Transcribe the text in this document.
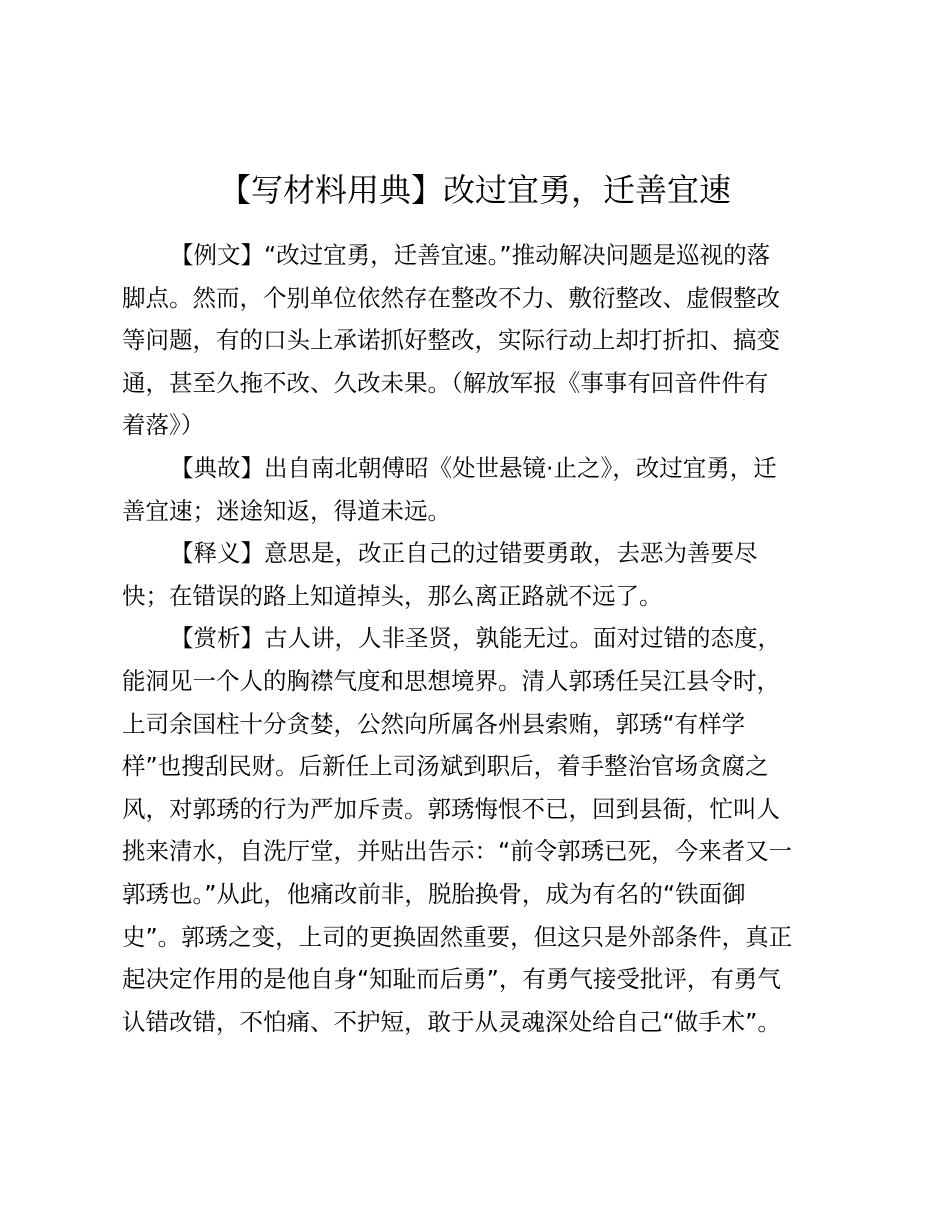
【写材料用典】改过宜勇，迁善宜速
【例文】“改过宜勇，迁善宜速。”推动解决问题是巡视的落
脚点。然而，个别单位依然存在整改不力、敷衍整改、虚假整改
等问题，有的口头上承诺抓好整改，实际行动上却打折扣、搞变
通，甚至久拖不改、久改未果。（解放军报《事事有回音件件有
着落》）
【典故】出自南北朝傅昭《处世悬镜·止之》，改过宜勇，迁
善宜速；迷途知返，得道未远。
【释义】意思是，改正自己的过错要勇敢，去恶为善要尽
快；在错误的路上知道掉头，那么离正路就不远了。
【赏析】古人讲，人非圣贤，孰能无过。面对过错的态度，
能洞见一个人的胸襟气度和思想境界。清人郭琇任吴江县令时，
上司余国柱十分贪婪，公然向所属各州县索贿，郭琇“有样学
样”也搜刮民财。后新任上司汤斌到职后，着手整治官场贪腐之
风，对郭琇的行为严加斥责。郭琇悔恨不已，回到县衙，忙叫人
挑来清水，自洗厅堂，并贴出告示：“前令郭琇已死，今来者又一
郭琇也。”从此，他痛改前非，脱胎换骨，成为有名的“铁面御
史”。郭琇之变，上司的更换固然重要，但这只是外部条件，真正
起决定作用的是他自身“知耻而后勇”，有勇气接受批评，有勇气
认错改错，不怕痛、不护短，敢于从灵魂深处给自己“做手术”。
